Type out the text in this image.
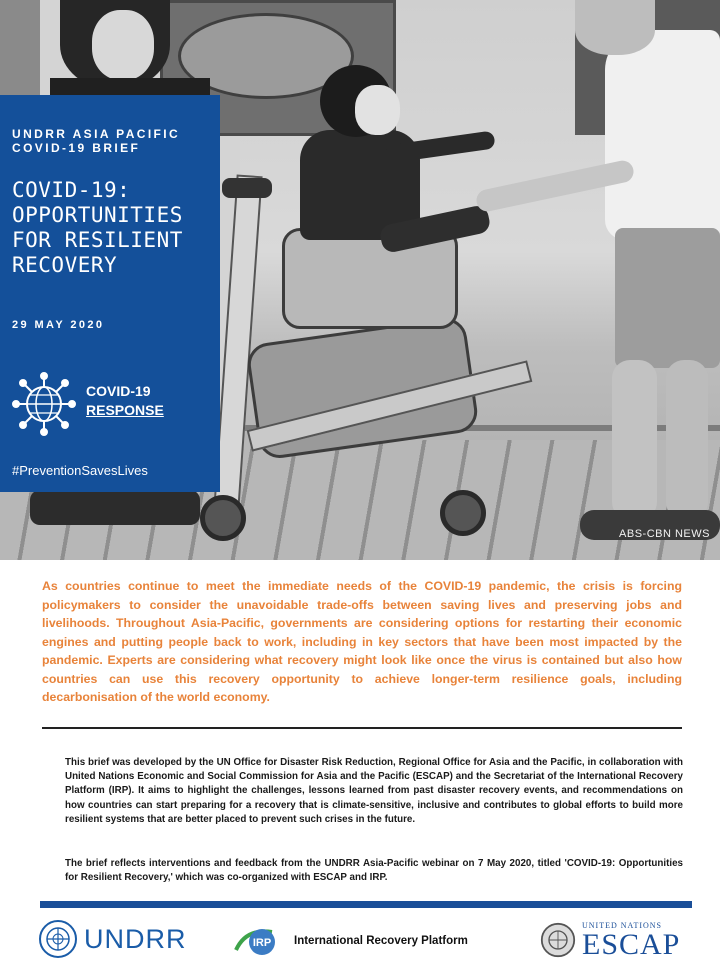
ABS-CBN NEWS
UNDRR ASIA PACIFIC
COVID-19 BRIEF
COVID-19:
OPPORTUNITIES
FOR RESILIENT
RECOVERY
29 MAY 2020
COVID-19
RESPONSE
#PreventionSavesLives

As countries continue to meet the immediate needs of the COVID-19 pandemic, the crisis is forcing policymakers to consider the unavoidable trade-offs between saving lives and preserving jobs and livelihoods. Throughout Asia-Pacific, governments are considering options for restarting their economic engines and putting people back to work, including in key sectors that have been most impacted by the pandemic. Experts are considering what recovery might look like once the virus is contained but also how countries can use this recovery opportunity to achieve longer-term resilience goals, including decarbonisation of the world economy.

This brief was developed by the UN Office for Disaster Risk Reduction, Regional Office for Asia and the Pacific, in collaboration with United Nations Economic and Social Commission for Asia and the Pacific (ESCAP) and the Secretariat of the International Recovery Platform (IRP). It aims to highlight the challenges, lessons learned from past disaster recovery events, and recommendations on how countries can start preparing for a recovery that is climate-sensitive, inclusive and contributes to global efforts to build more resilient systems that are better placed to prevent such crises in the future.

The brief reflects interventions and feedback from the UNDRR Asia-Pacific webinar on 7 May 2020, titled 'COVID-19: Opportunities for Resilient Recovery,' which was co-organized with ESCAP and IRP.

UNDRR	IRP International Recovery Platform
UNITED NATIONS
ESCAP
